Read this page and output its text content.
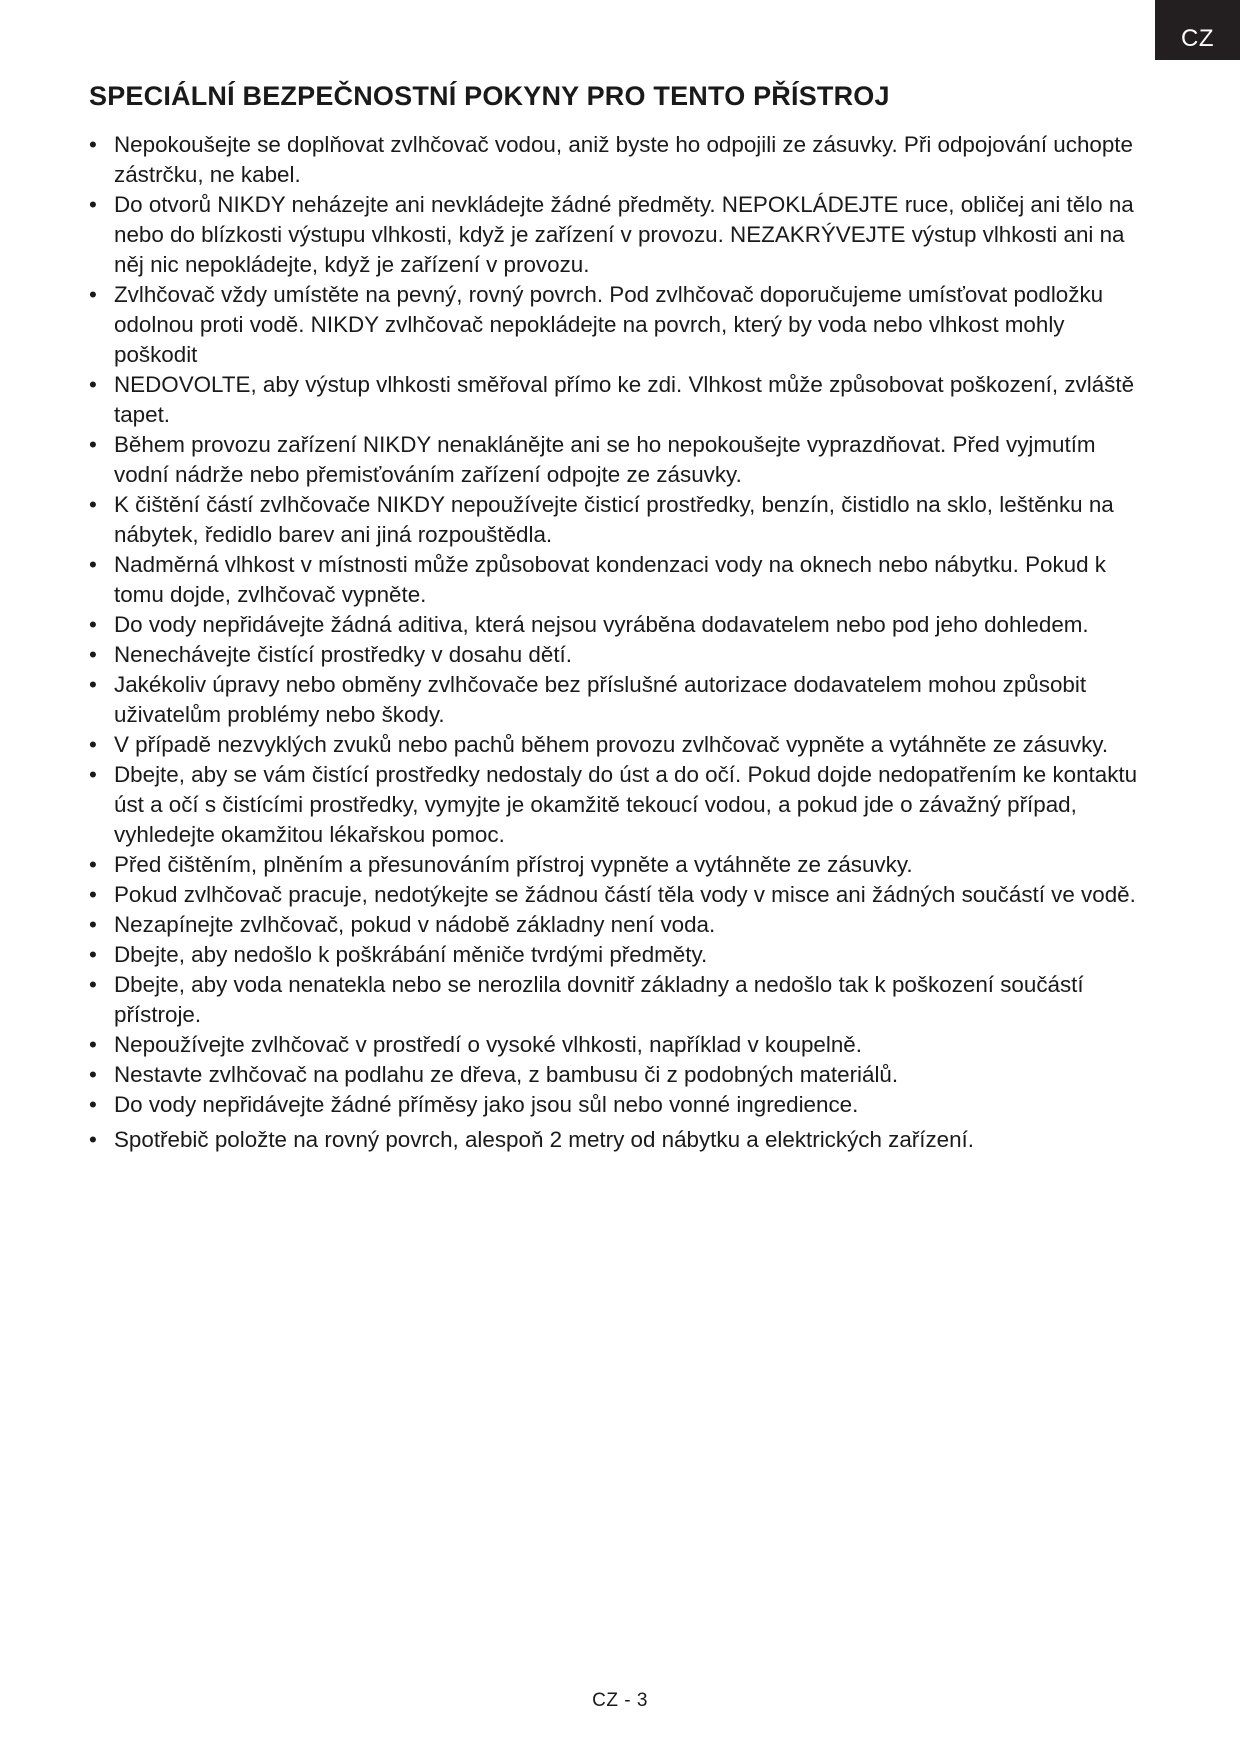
CZ
SPECIÁLNÍ BEZPEČNOSTNÍ POKYNY PRO TENTO PŘÍSTROJ
• Nepokoušejte se doplňovat zvlhčovač vodou, aniž byste ho odpojili ze zásuvky. Při odpojování uchopte zástrčku, ne kabel.
• Do otvorů NIKDY neházejte ani nevkládejte žádné předměty. NEPOKLÁDEJTE ruce, obličej ani tělo na nebo do blízkosti výstupu vlhkosti, když je zařízení v provozu. NEZAKRÝVEJTE výstup vlhkosti ani na něj nic nepokládejte, když je zařízení v provozu.
• Zvlhčovač vždy umístěte na pevný, rovný povrch. Pod zvlhčovač doporučujeme umísťovat podložku odolnou proti vodě. NIKDY zvlhčovač nepokládejte na povrch, který by voda nebo vlhkost mohly poškodit
• NEDOVOLTE, aby výstup vlhkosti směřoval přímo ke zdi. Vlhkost může způsobovat poškození, zvláště tapet.
• Během provozu zařízení NIKDY nenaklánějte ani se ho nepokoušejte vyprazdňovat. Před vyjmutím vodní nádrže nebo přemisťováním zařízení odpojte ze zásuvky.
• K čištění částí zvlhčovače NIKDY nepoužívejte čisticí prostředky, benzín, čistidlo na sklo, leštěnku na nábytek, ředidlo barev ani jiná rozpouštědla.
• Nadměrná vlhkost v místnosti může způsobovat kondenzaci vody na oknech nebo nábytku. Pokud k tomu dojde, zvlhčovač vypněte.
• Do vody nepřidávejte žádná aditiva, která nejsou vyráběna dodavatelem nebo pod jeho dohledem.
• Nenechávejte čistící prostředky v dosahu dětí.
• Jakékoliv úpravy nebo obměny zvlhčovače bez příslušné autorizace dodavatelem mohou způsobit uživatelům problémy nebo škody.
• V případě nezvyklých zvuků nebo pachů během provozu zvlhčovač vypněte a vytáhněte ze zásuvky.
• Dbejte, aby se vám čistící prostředky nedostaly do úst a do očí. Pokud dojde nedopatřením ke kontaktu úst a očí s čistícími prostředky, vymyjte je okamžitě tekoucí vodou, a pokud jde o závažný případ, vyhledejte okamžitou lékařskou pomoc.
• Před čištěním, plněním a přesunováním přístroj vypněte a vytáhněte ze zásuvky.
• Pokud zvlhčovač pracuje, nedotýkejte se žádnou částí těla vody v misce ani žádných součástí ve vodě.
• Nezapínejte zvlhčovač, pokud v nádobě základny není voda.
• Dbejte, aby nedošlo k poškrábání měniče tvrdými předměty.
• Dbejte, aby voda nenatekla nebo se nerozlila dovnitř základny a nedošlo tak k poškození součástí přístroje.
• Nepoužívejte zvlhčovač v prostředí o vysoké vlhkosti, například v koupelně.
• Nestavte zvlhčovač na podlahu ze dřeva, z bambusu či z podobných materiálů.
• Do vody nepřidávejte žádné příměsy jako jsou sůl nebo vonné ingredience.
• Spotřebič položte na rovný povrch, alespoň 2 metry od nábytku a elektrických zařízení.
CZ - 3
